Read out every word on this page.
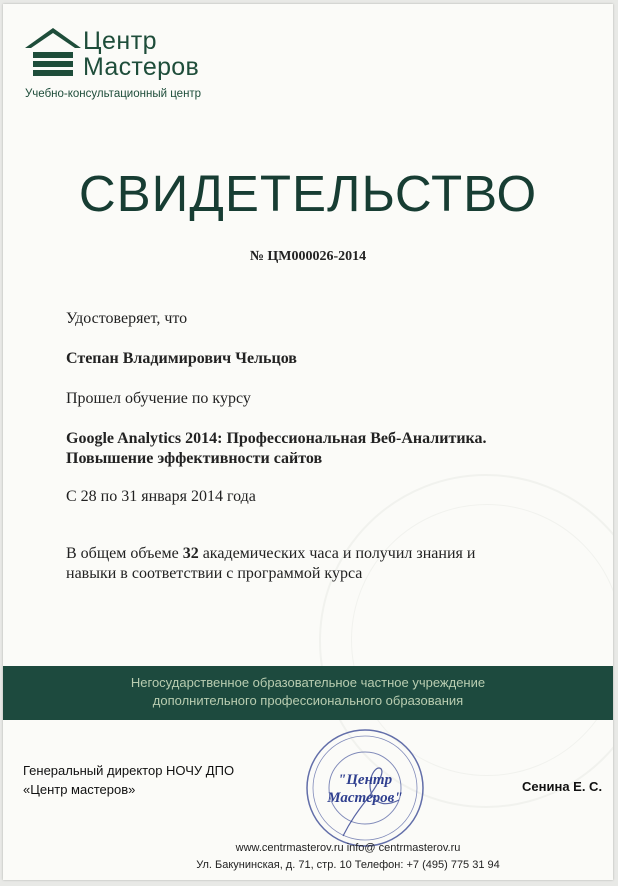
Центр
Мастеров
Учебно-консультационный центр
СВИДЕТЕЛЬСТВО
№ ЦМ000026-2014
Удостоверяет, что
Степан Владимирович Чельцов
Прошел обучение по курсу
Google Analytics 2014: Профессиональная Веб-Аналитика.
Повышение эффективности сайтов
С 28 по 31 января 2014 года
В общем объеме 32 академических часа и получил знания и
навыки в соответствии с программой курса
Негосударственное образовательное частное учреждение
дополнительного профессионального образования
Генеральный директор НОЧУ ДПО
«Центр мастеров»
"Центр
Мастеров"
Сенина Е. С.
www.centrmasterov.ru info@ centrmasterov.ru
Ул. Бакунинская, д. 71, стр. 10 Телефон: +7 (495) 775 31 94
